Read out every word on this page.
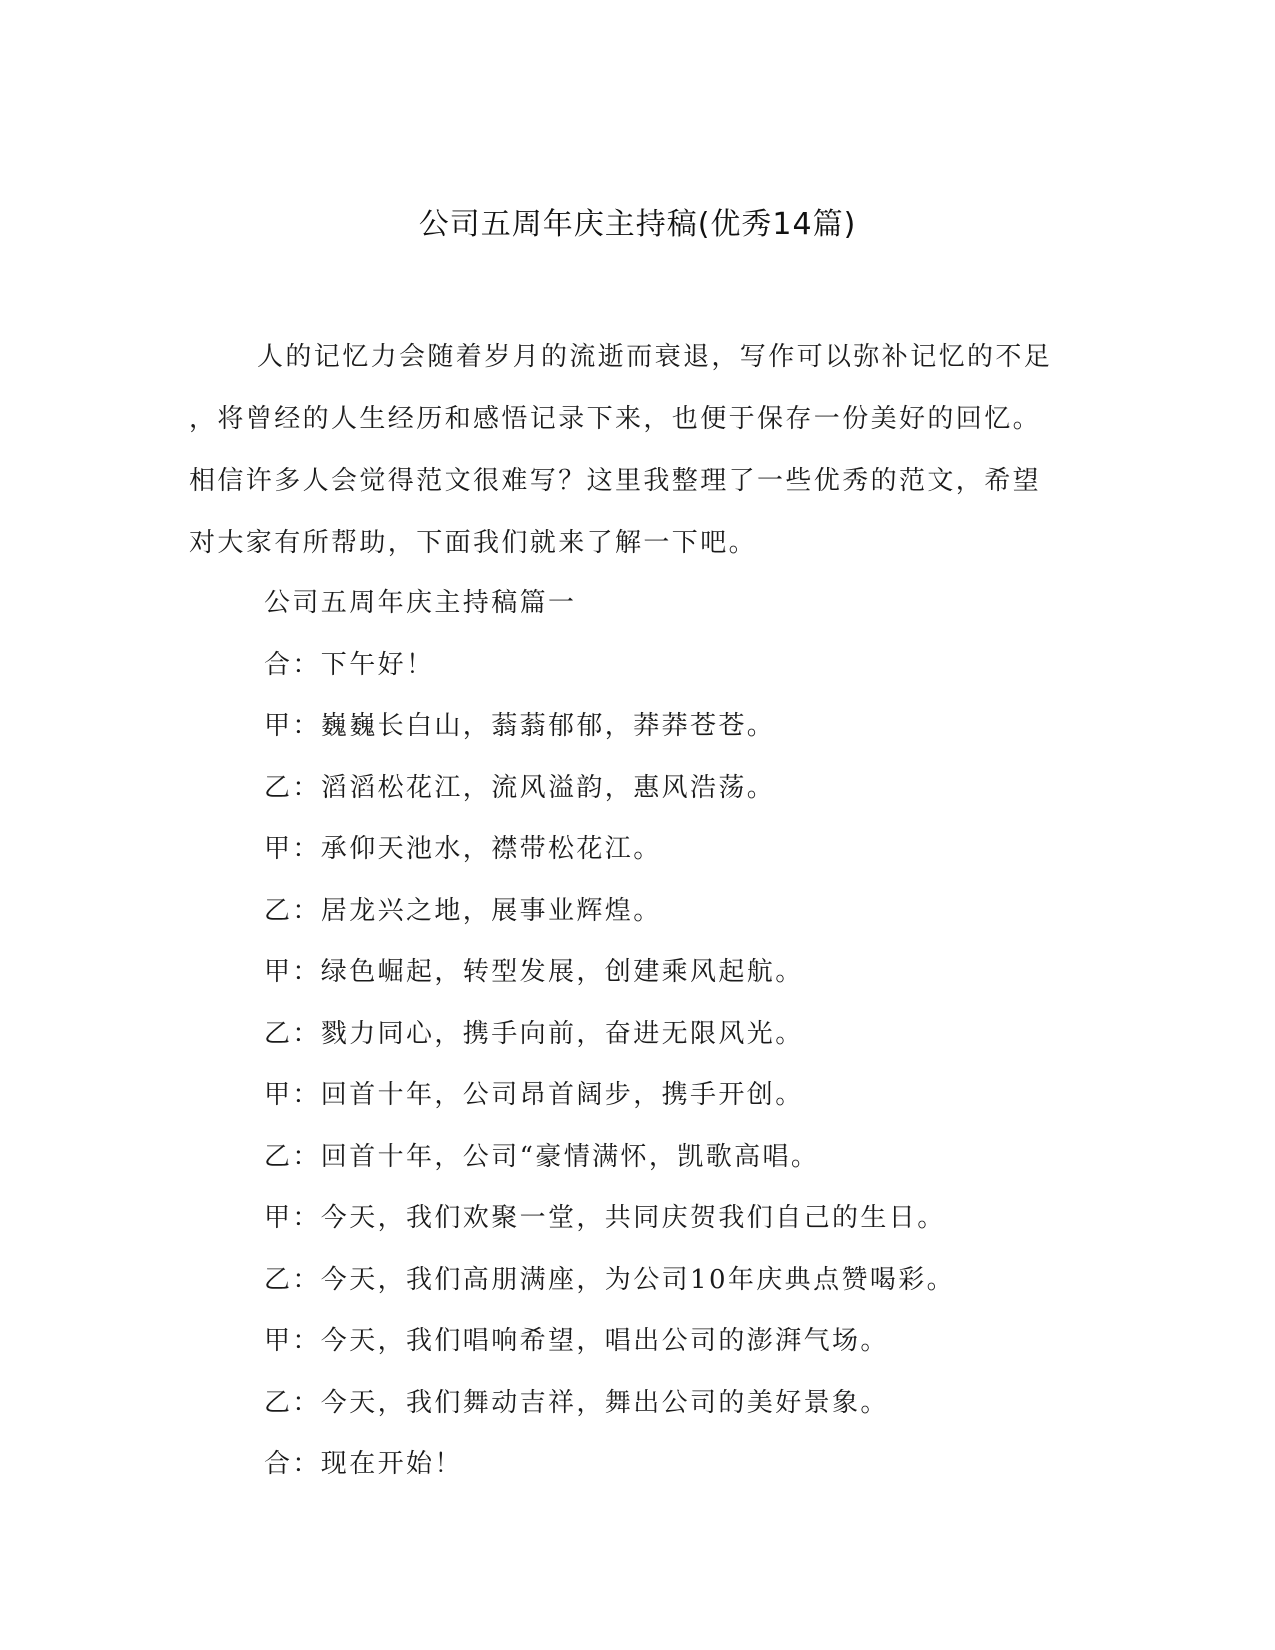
公司五周年庆主持稿(优秀14篇)
人的记忆力会随着岁月的流逝而衰退，写作可以弥补记忆的不足
，将曾经的人生经历和感悟记录下来，也便于保存一份美好的回忆。
相信许多人会觉得范文很难写？这里我整理了一些优秀的范文，希望
对大家有所帮助，下面我们就来了解一下吧。
公司五周年庆主持稿篇一
合：下午好！
甲：巍巍长白山，蓊蓊郁郁，莽莽苍苍。
乙：滔滔松花江，流风溢韵，惠风浩荡。
甲：承仰天池水，襟带松花江。
乙：居龙兴之地，展事业辉煌。
甲：绿色崛起，转型发展，创建乘风起航。
乙：戮力同心，携手向前，奋进无限风光。
甲：回首十年，公司昂首阔步，携手开创。
乙：回首十年，公司“豪情满怀，凯歌高唱。
甲：今天，我们欢聚一堂，共同庆贺我们自己的生日。
乙：今天，我们高朋满座，为公司10年庆典点赞喝彩。
甲：今天，我们唱响希望，唱出公司的澎湃气场。
乙：今天，我们舞动吉祥，舞出公司的美好景象。
合：现在开始！
